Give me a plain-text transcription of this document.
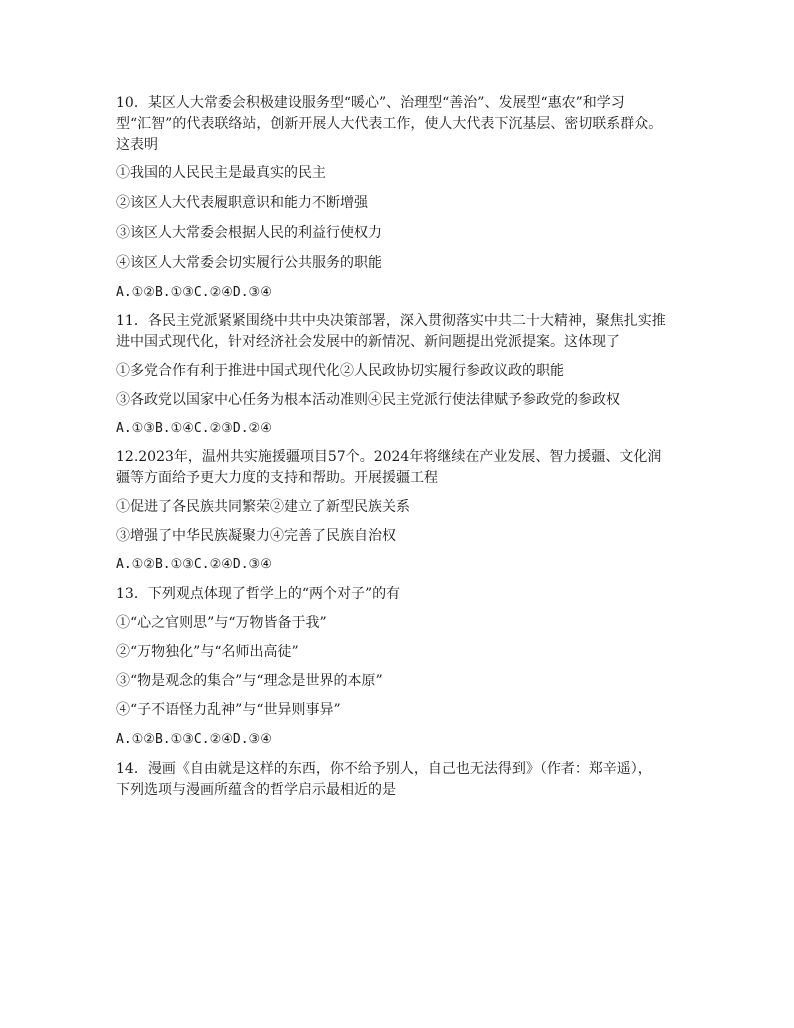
10．某区人大常委会积极建设服务型“暖心”、治理型“善治”、发展型“惠农”和学习
型“汇智”的代表联络站，创新开展人大代表工作，使人大代表下沉基层、密切联系群众。
这表明
①我国的人民民主是最真实的民主
②该区人大代表履职意识和能力不断增强
③该区人大常委会根据人民的利益行使权力
④该区人大常委会切实履行公共服务的职能
A.①②B.①③C.②④D.③④
11．各民主党派紧紧围绕中共中央决策部署，深入贯彻落实中共二十大精神，聚焦扎实推
进中国式现代化，针对经济社会发展中的新情况、新问题提出党派提案。这体现了
①多党合作有利于推进中国式现代化②人民政协切实履行参政议政的职能
③各政党以国家中心任务为根本活动准则④民主党派行使法律赋予参政党的参政权
A.①③B.①④C.②③D.②④
12.2023年，温州共实施援疆项目57个。2024年将继续在产业发展、智力援疆、文化润
疆等方面给予更大力度的支持和帮助。开展援疆工程
①促进了各民族共同繁荣②建立了新型民族关系
③增强了中华民族凝聚力④完善了民族自治权
A.①②B.①③C.②④D.③④
13．下列观点体现了哲学上的“两个对子”的有
①“心之官则思”与“万物皆备于我”
②“万物独化”与“名师出高徒”
③“物是观念的集合”与“理念是世界的本原”
④“子不语怪力乱神”与“世异则事异”
A.①②B.①③C.②④D.③④
14．漫画《自由就是这样的东西，你不给予别人，自己也无法得到》（作者：郑辛遥），
下列选项与漫画所蕴含的哲学启示最相近的是
